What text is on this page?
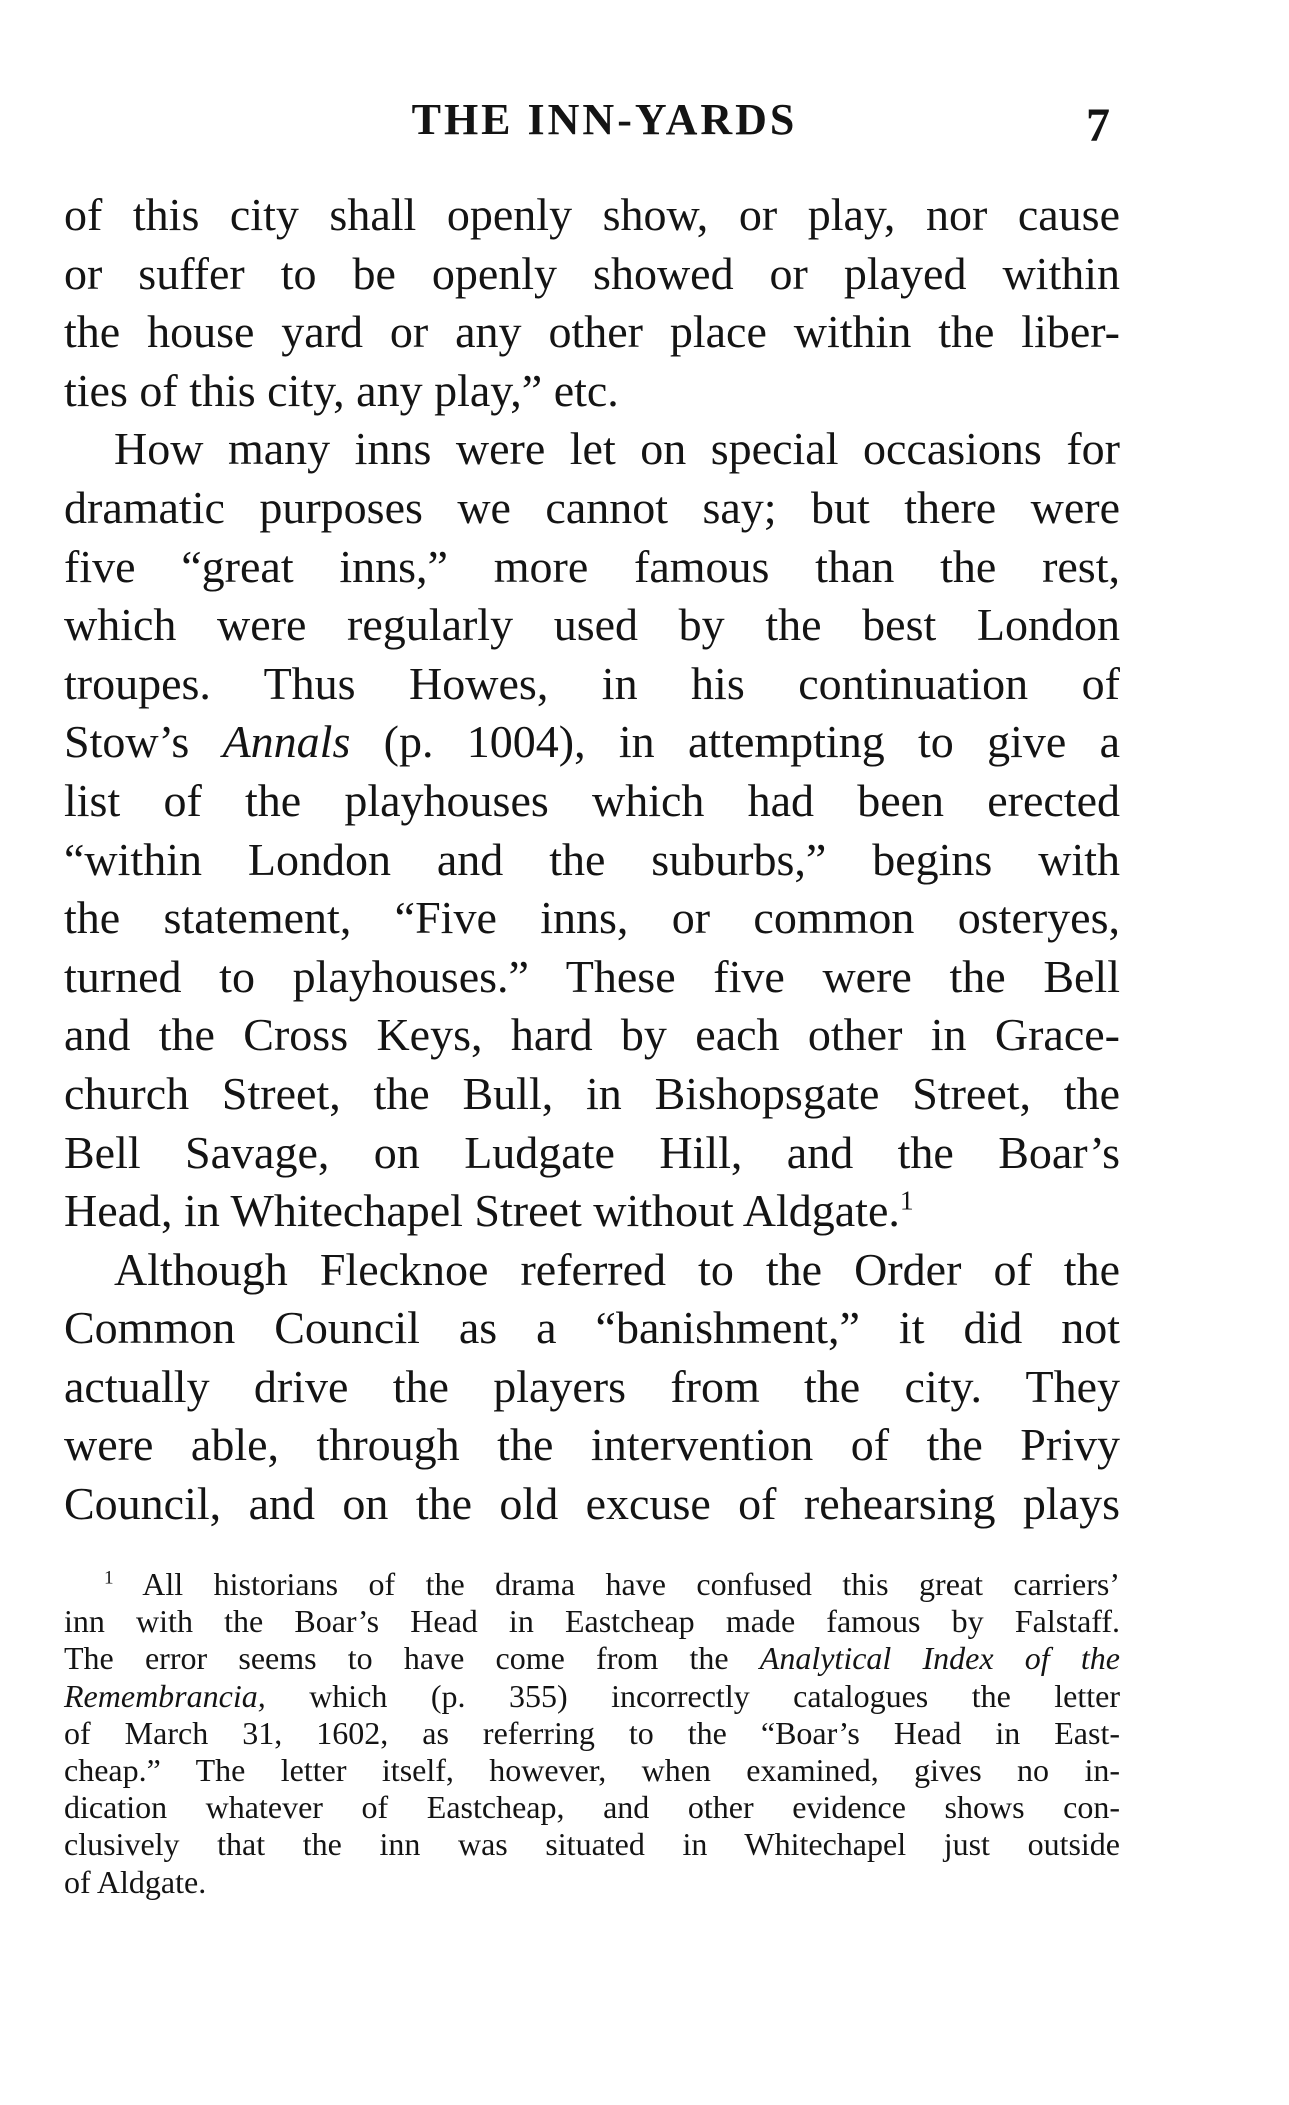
THE INN-YARDS	7
of this city shall openly show, or play, nor cause
or suffer to be openly showed or played within
the house yard or any other place within the liber-
ties of this city, any play,” etc.
How many inns were let on special occasions for
dramatic purposes we cannot say; but there were
five “great inns,” more famous than the rest,
which were regularly used by the best London
troupes. Thus Howes, in his continuation of
Stow’s Annals (p. 1004), in attempting to give a
list of the playhouses which had been erected
“within London and the suburbs,” begins with
the statement, “Five inns, or common osteryes,
turned to playhouses.” These five were the Bell
and the Cross Keys, hard by each other in Grace-
church Street, the Bull, in Bishopsgate Street, the
Bell Savage, on Ludgate Hill, and the Boar’s
Head, in Whitechapel Street without Aldgate.$^1$
Although Flecknoe referred to the Order of the
Common Council as a “banishment,” it did not
actually drive the players from the city. They
were able, through the intervention of the Privy
Council, and on the old excuse of rehearsing plays
$^1$ All historians of the drama have confused this great carriers’
inn with the Boar’s Head in Eastcheap made famous by Falstaff.
The error seems to have come from the Analytical Index of the
Remembrancia, which (p. 355) incorrectly catalogues the letter
of March 31, 1602, as referring to the “Boar’s Head in East-
cheap.” The letter itself, however, when examined, gives no in-
dication whatever of Eastcheap, and other evidence shows con-
clusively that the inn was situated in Whitechapel just outside
of Aldgate.
